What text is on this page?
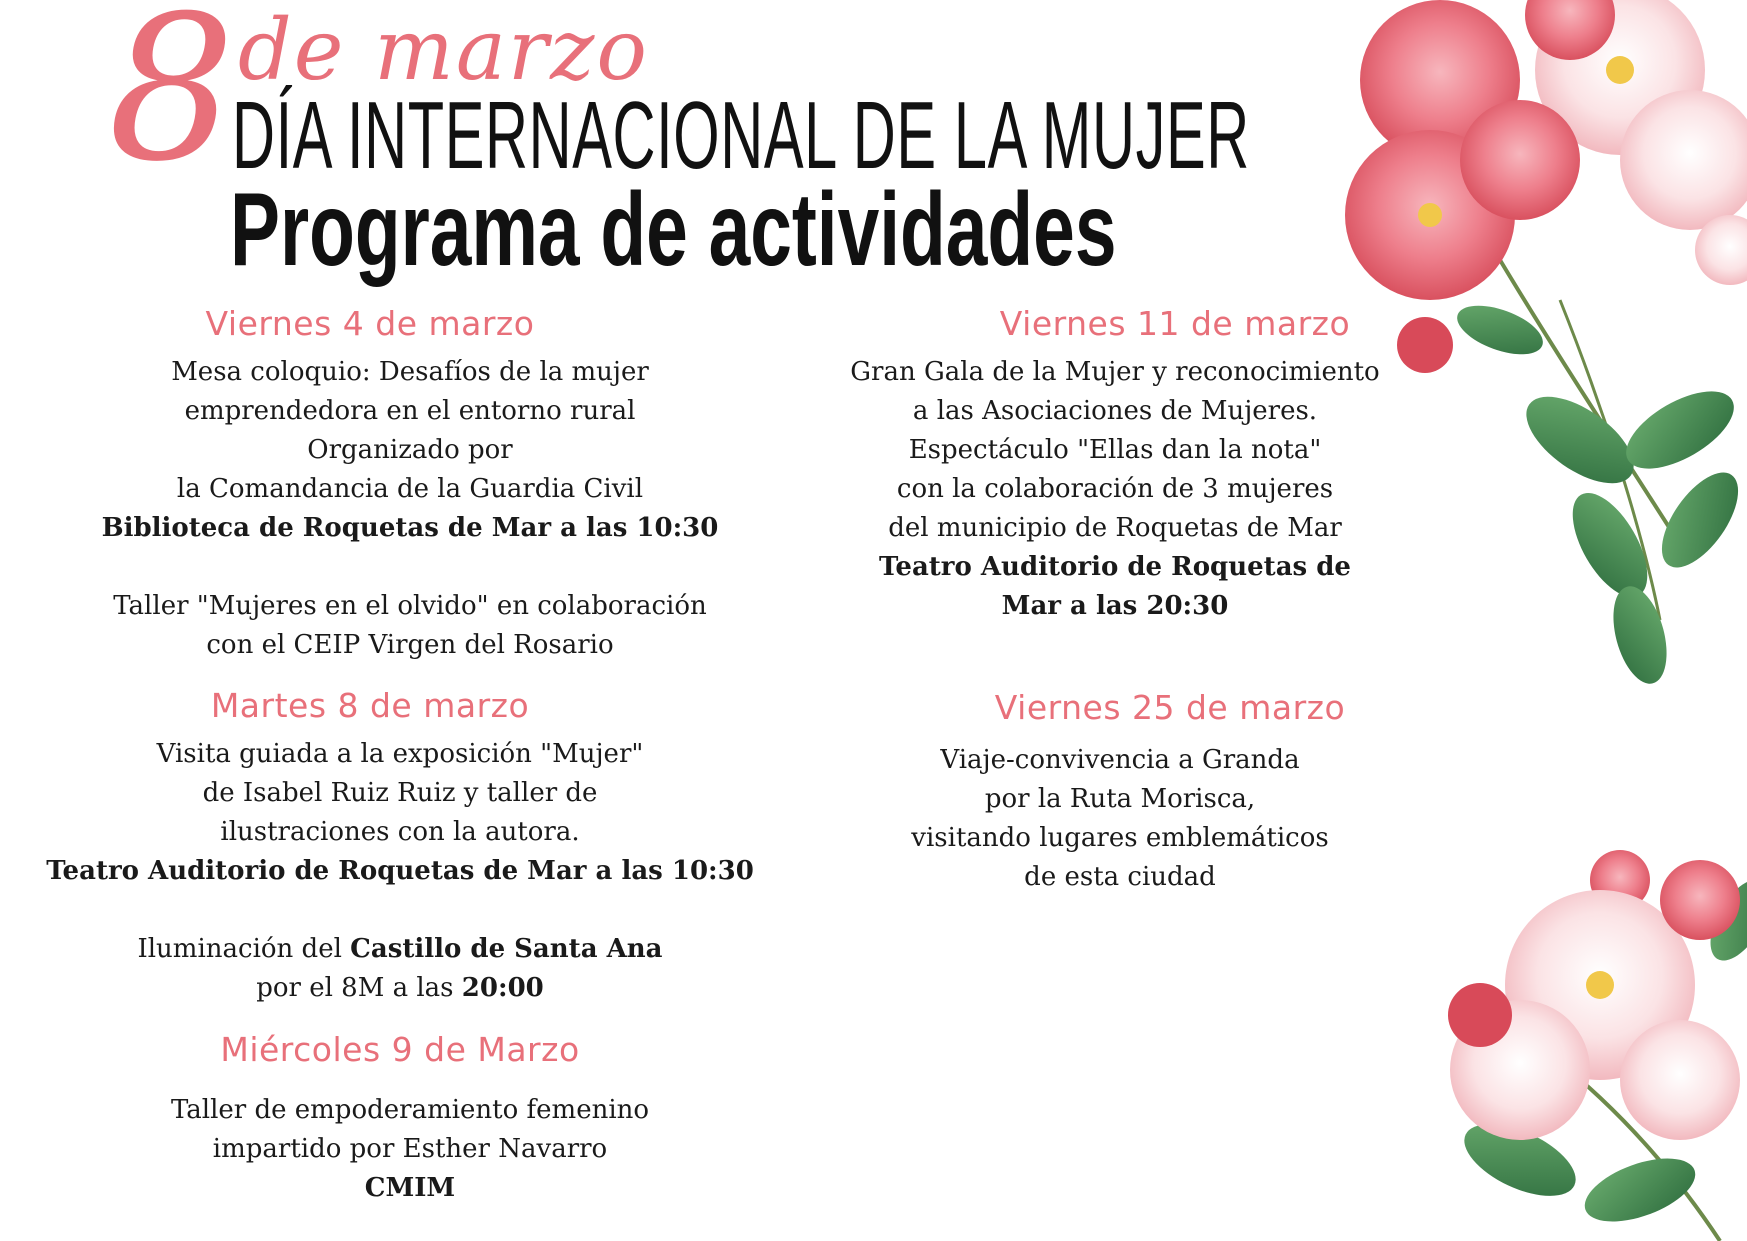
8 de marzo
DÍA INTERNACIONAL DE LA MUJER
Programa de actividades
Viernes 4 de marzo
Mesa coloquio: Desafíos de la mujer
emprendedora en el entorno rural
Organizado por
la Comandancia de la Guardia Civil
Biblioteca de Roquetas de Mar a las 10:30
Taller "Mujeres en el olvido" en colaboración
con el CEIP Virgen del Rosario
Martes 8 de marzo
Visita guiada a la exposición "Mujer"
de Isabel Ruiz Ruiz y taller de
ilustraciones con la autora.
Teatro Auditorio de Roquetas de Mar a las 10:30
Iluminación del Castillo de Santa Ana
por el 8M a las 20:00
Miércoles 9 de Marzo
Taller de empoderamiento femenino
impartido por Esther Navarro
CMIM
Viernes 11 de marzo
Gran Gala de la Mujer y reconocimiento
a las Asociaciones de Mujeres.
Espectáculo "Ellas dan la nota"
con la colaboración de 3 mujeres
del municipio de Roquetas de Mar
Teatro Auditorio de Roquetas de
Mar a las 20:30
Viernes 25 de marzo
Viaje-convivencia a Granda
por la Ruta Morisca,
visitando lugares emblemáticos
de esta ciudad
